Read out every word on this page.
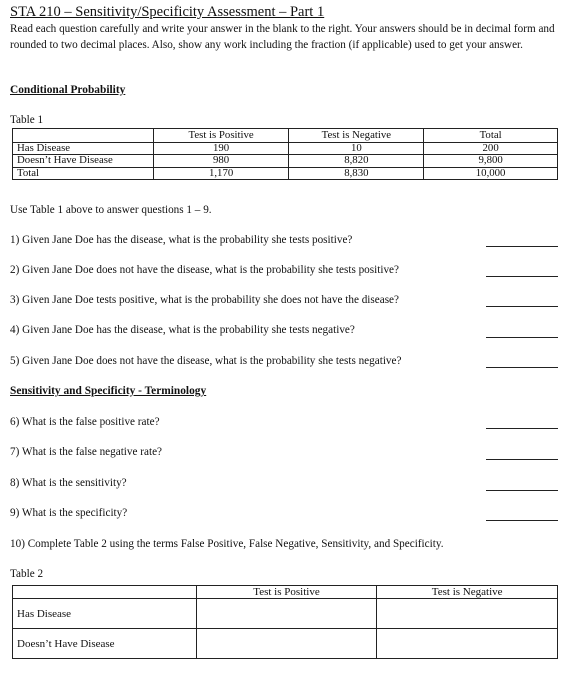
STA 210 – Sensitivity/Specificity Assessment – Part 1
Read each question carefully and write your answer in the blank to the right. Your answers should be in decimal form and rounded to two decimal places. Also, show any work including the fraction (if applicable) used to get your answer.
Conditional Probability
Table 1
	Test is Positive	Test is Negative	Total
Has Disease	190	10	200
Doesn’t Have Disease	980	8,820	9,800
Total	1,170	8,830	10,000
Use Table 1 above to answer questions 1 – 9.
1) Given Jane Doe has the disease, what is the probability she tests positive?
2) Given Jane Doe does not have the disease, what is the probability she tests positive?
3) Given Jane Doe tests positive, what is the probability she does not have the disease?
4) Given Jane Doe has the disease, what is the probability she tests negative?
5) Given Jane Doe does not have the disease, what is the probability she tests negative?
Sensitivity and Specificity - Terminology
6) What is the false positive rate?
7) What is the false negative rate?
8) What is the sensitivity?
9) What is the specificity?
10) Complete Table 2 using the terms False Positive, False Negative, Sensitivity, and Specificity.
Table 2
	Test is Positive	Test is Negative
Has Disease		
Doesn’t Have Disease		
